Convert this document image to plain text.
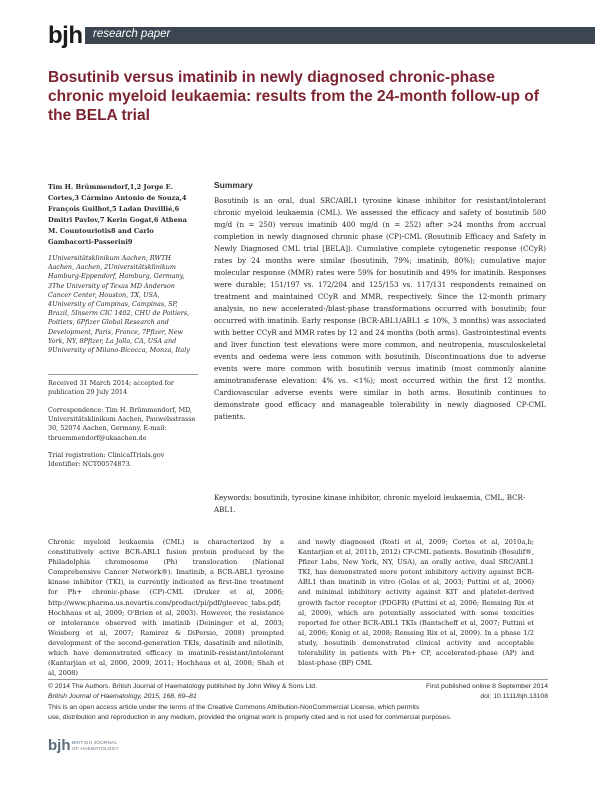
bjh research paper
Bosutinib versus imatinib in newly diagnosed chronic-phase chronic myeloid leukaemia: results from the 24-month follow-up of the BELA trial
Tim H. Brümmendorf,1,2 Jorge E. Cortes,3 Cármino Antonio de Souza,4 François Guilhot,5 Ladan Duvillié,6 Dmitri Pavlov,7 Kerin Gogat,6 Athena M. Countouriotis8 and Carlo Gambacorti-Passerini9
1Universitätsklinikum Aachen, RWTH Aachen, Aachen, 2Universitätsklinikum Hamburg-Eppendorf, Hamburg, Germany, 3The University of Texas MD Anderson Cancer Center, Houston, TX, USA, 4University of Campinas, Campinas, SP, Brazil, 5Inserm CIC 1402, CHU de Poitiers, Poitiers, 6Pfizer Global Research and Development, Paris, France, 7Pfizer, New York, NY, 8Pfizer, La Jolla, CA, USA and 9University of Milano-Bicocca, Monza, Italy
Received 31 March 2014; accepted for publication 29 July 2014
Correspondence: Tim H. Brümmendorf, MD, Universitätsklinikum Aachen, Pauwelsstrasse 30, 52074 Aachen, Germany. E-mail: tbruemmendorf@ukaachen.de
Trial registration: ClinicalTrials.gov Identifier: NCT00574873.
Summary
Bosutinib is an oral, dual SRC/ABL1 tyrosine kinase inhibitor for resistant/intolerant chronic myeloid leukaemia (CML). We assessed the efficacy and safety of bosutinib 500 mg/d (n = 250) versus imatinib 400 mg/d (n = 252) after >24 months from accrual completion in newly diagnosed chronic phase (CP)-CML (Bosutinib Efficacy and Safety in Newly Diagnosed CML trial [BELA]). Cumulative complete cytogenetic response (CCyR) rates by 24 months were similar (bosutinib, 79%; imatinib, 80%); cumulative major molecular response (MMR) rates were 59% for bosutinib and 49% for imatinib. Responses were durable; 151/197 vs. 172/204 and 125/153 vs. 117/131 respondents remained on treatment and maintained CCyR and MMR, respectively. Since the 12-month primary analysis, no new accelerated-/blast-phase transformations occurred with bosutinib; four occurred with imatinib. Early response (BCR-ABL1/ABL1 ≤ 10%, 3 months) was associated with better CCyR and MMR rates by 12 and 24 months (both arms). Gastrointestinal events and liver function test elevations were more common, and neutropenia, musculoskeletal events and oedema were less common with bosutinib. Discontinuations due to adverse events were more common with bosutinib versus imatinib (most commonly alanine aminotransferase elevation: 4% vs. <1%); most occurred within the first 12 months. Cardiovascular adverse events were similar in both arms. Bosutinib continues to demonstrate good efficacy and manageable tolerability in newly diagnosed CP-CML patients.
Keywords: bosutinib, tyrosine kinase inhibitor, chronic myeloid leukaemia, CML, BCR-ABL1.
Chronic myeloid leukaemia (CML) is characterized by a constitutively active BCR-ABL1 fusion protein produced by the Philadelphia chromosome (Ph) translocation (National Comprehensive Cancer Network®). Imatinib, a BCR-ABL1 tyrosine kinase inhibitor (TKI), is currently indicated as first-line treatment for Ph+ chronic-phase (CP)-CML (Druker et al, 2006; http://www.pharma.us.novartis.com/product/pi/pdf/gleevec_tabs.pdf; Hochhaus et al, 2009; O'Brien et al, 2003). However, the resistance or intolerance observed with imatinib (Deininger et al, 2003; Weisberg et al, 2007; Ramirez & DiPersio, 2008) prompted development of the second-generation TKIs, dasatinib and nilotinib, which have demonstrated efficacy in imatinib-resistant/intolerant (Kantarjian et al, 2006, 2009, 2011; Hochhaus et al, 2008; Shah et al, 2008)
and newly diagnosed (Rosti et al, 2009; Cortes et al, 2010a,b; Kantarjian et al, 2011b, 2012) CP-CML patients. Bosutinib (Bosulif®, Pfizer Labs, New York, NY, USA), an orally active, dual SRC/ABL1 TKI, has demonstrated more potent inhibitory activity against BCR-ABL1 than imatinib in vitro (Golas et al, 2003; Puttini et al, 2006) and minimal inhibitory activity against KIT and platelet-derived growth factor receptor (PDGFR) (Puttini et al, 2006; Remsing Rix et al, 2009), which are potentially associated with some toxicities reported for other BCR-ABL1 TKIs (Bantscheff et al, 2007; Puttini et al, 2006; Konig et al, 2008; Remsing Rix et al, 2009). In a phase 1/2 study, bosutinib demonstrated clinical activity and acceptable tolerability in patients with Ph+ CP, accelerated-phase (AP) and blast-phase (BP) CML
© 2014 The Authors. British Journal of Haematology published by John Wiley & Sons Ltd.
British Journal of Haematology, 2015, 168, 69–81
First published online 8 September 2014
doi: 10.1111/bjh.13108
This is an open access article under the terms of the Creative Commons Attribution-NonCommercial License, which permits
use, distribution and reproduction in any medium, provided the original work is properly cited and is not used for commercial purposes.
bjh BRITISH JOURNAL
OF HAEMATOLOGY
